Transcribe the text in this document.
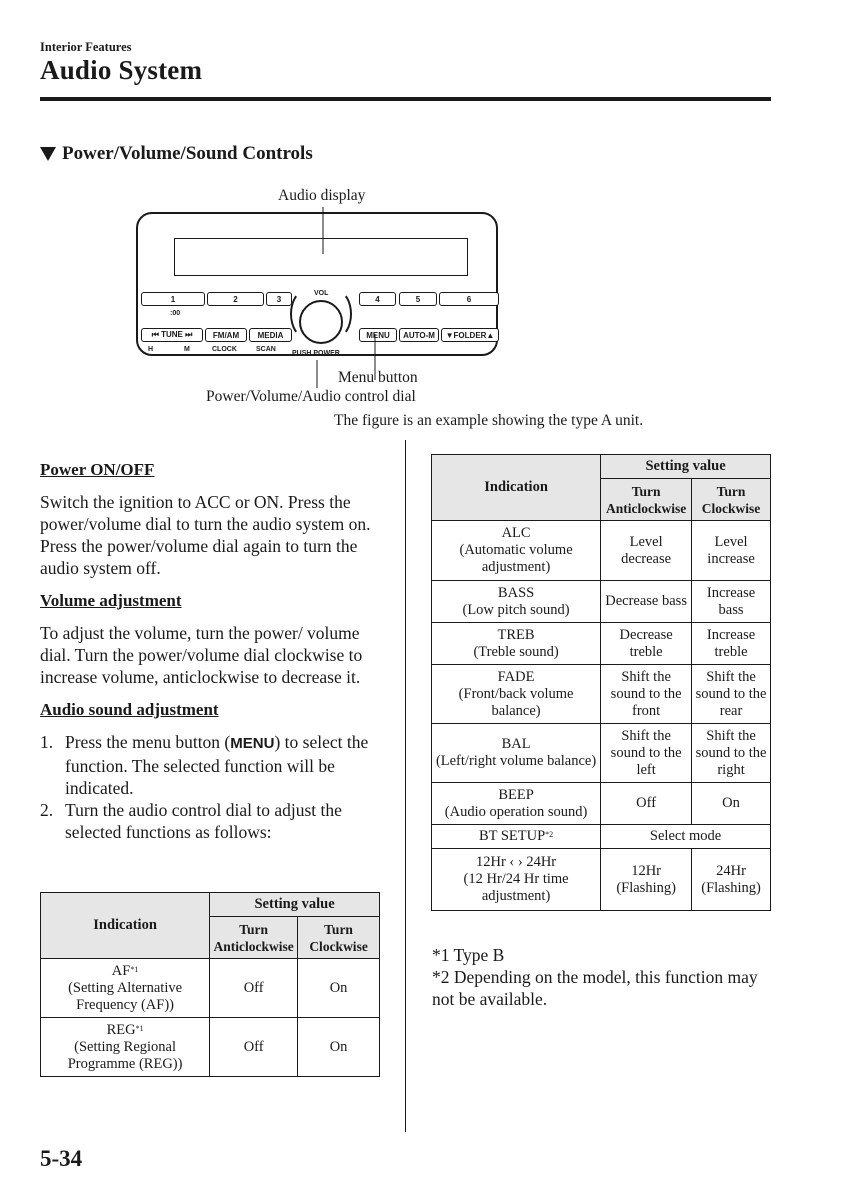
Interior Features
Audio System
Power/Volume/Sound Controls
Audio display
1	2	3
:00
4	5	6
⏮ TUNE ⏭	FM/AM	MEDIA	MENU	AUTO-M	▼FOLDER▲
H	M	CLOCK	SCAN
VOL
PUSH POWER
Menu button
Power/Volume/Audio control dial
The figure is an example showing the type A unit.
Power ON/OFF
Switch the ignition to ACC or ON. Press the power/volume dial to turn the audio system on. Press the power/volume dial again to turn the audio system off.
Volume adjustment
To adjust the volume, turn the power/ volume dial. Turn the power/volume dial clockwise to increase volume, anticlockwise to decrease it.
Audio sound adjustment
1. Press the menu button (MENU) to select the function. The selected function will be indicated.
2. Turn the audio control dial to adjust the selected functions as follows:
Indication	Setting value	
	Turn Anticlockwise	Turn Clockwise
AF$^{*1}$
(Setting Alternative Frequency (AF))	Off	On
REG$^{*1}$
(Setting Regional Programme (REG))	Off	On
Indication	Setting value	
	Turn Anticlockwise	Turn Clockwise
ALC
(Automatic volume adjustment)	Level decrease	Level increase
BASS
(Low pitch sound)	Decrease bass	Increase bass
TREB
(Treble sound)	Decrease treble	Increase treble
FADE
(Front/back volume balance)	Shift the sound to the front	Shift the sound to the rear
BAL
(Left/right volume balance)	Shift the sound to the left	Shift the sound to the right
BEEP
(Audio operation sound)	Off	On
BT SETUP$^{*2}$	Select mode	
12Hr ‹ › 24Hr
(12 Hr/24 Hr time adjustment)	12Hr (Flashing)	24Hr (Flashing)
*1 Type B
*2 Depending on the model, this function may not be available.
5-34
